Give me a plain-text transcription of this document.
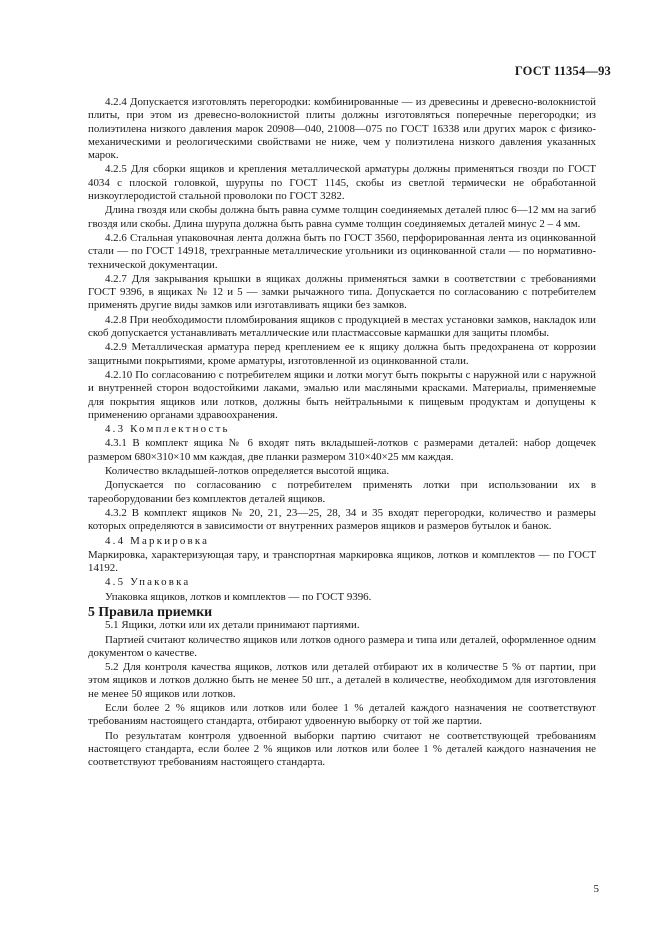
ГОСТ 11354—93

4.2.4 Допускается изготовлять перегородки: комбинированные — из древесины и древесно-волокнистой плиты, при этом из древесно-волокнистой плиты должны изготовляться поперечные перегородки; из полиэтилена низкого давления марок 20908—040, 21008—075 по ГОСТ 16338 или других марок с физико-механическими и реологическими свойствами не ниже, чем у полиэтилена низкого давления указанных марок.

4.2.5 Для сборки ящиков и крепления металлической арматуры должны применяться гвозди по ГОСТ 4034 с плоской головкой, шурупы по ГОСТ 1145, скобы из светлой термически не обработанной низкоуглеродистой стальной проволоки по ГОСТ 3282.

Длина гвоздя или скобы должна быть равна сумме толщин соединяемых деталей плюс 6—12 мм на загиб гвоздя или скобы. Длина шурупа должна быть равна сумме толщин соединяемых деталей минус 2 – 4 мм.

4.2.6 Стальная упаковочная лента должна быть по ГОСТ 3560, перфорированная лента из оцинкованной стали — по ГОСТ 14918, трехгранные металлические угольники из оцинкованной стали — по нормативно-технической документации.

4.2.7 Для закрывания крышки в ящиках должны применяться замки в соответствии с требованиями ГОСТ 9396, в ящиках № 12 и 5 — замки рычажного типа. Допускается по согласованию с потребителем применять другие виды замков или изготавливать ящики без замков.

4.2.8 При необходимости пломбирования ящиков с продукцией в местах установки замков, накладок или скоб допускается устанавливать металлические или пластмассовые кармашки для защиты пломбы.

4.2.9 Металлическая арматура перед креплением ее к ящику должна быть предохранена от коррозии защитными покрытиями, кроме арматуры, изготовленной из оцинкованной стали.

4.2.10 По согласованию с потребителем ящики и лотки могут быть покрыты с наружной или с наружной и внутренней сторон водостойкими лаками, эмалью или масляными красками. Материалы, применяемые для покрытия ящиков или лотков, должны быть нейтральными к пищевым продуктам и допущены к применению органами здравоохранения.

4.3 Комплектность

4.3.1 В комплект ящика № 6 входят пять вкладышей-лотков с размерами деталей: набор дощечек размером 680×310×10 мм каждая, две планки размером 310×40×25 мм каждая.

Количество вкладышей-лотков определяется высотой ящика.

Допускается по согласованию с потребителем применять лотки при использовании их в тареоборудовании без комплектов деталей ящиков.

4.3.2 В комплект ящиков № 20, 21, 23—25, 28, 34 и 35 входят перегородки, количество и размеры которых определяются в зависимости от внутренних размеров ящиков и размеров бутылок и банок.

4.4 Маркировка

Маркировка, характеризующая тару, и транспортная маркировка ящиков, лотков и комплектов — по ГОСТ 14192.

4.5 Упаковка

Упаковка ящиков, лотков и комплектов — по ГОСТ 9396.

5 Правила приемки

5.1 Ящики, лотки или их детали принимают партиями.

Партией считают количество ящиков или лотков одного размера и типа или деталей, оформленное одним документом о качестве.

5.2 Для контроля качества ящиков, лотков или деталей отбирают их в количестве 5 % от партии, при этом ящиков и лотков должно быть не менее 50 шт., а деталей в количестве, необходимом для изготовления не менее 50 ящиков или лотков.

Если более 2 % ящиков или лотков или более 1 % деталей каждого назначения не соответствуют требованиям настоящего стандарта, отбирают удвоенную выборку от той же партии.

По результатам контроля удвоенной выборки партию считают не соответствующей требованиям настоящего стандарта, если более 2 % ящиков или лотков или более 1 % деталей каждого назначения не соответствуют требованиям настоящего стандарта.

5
